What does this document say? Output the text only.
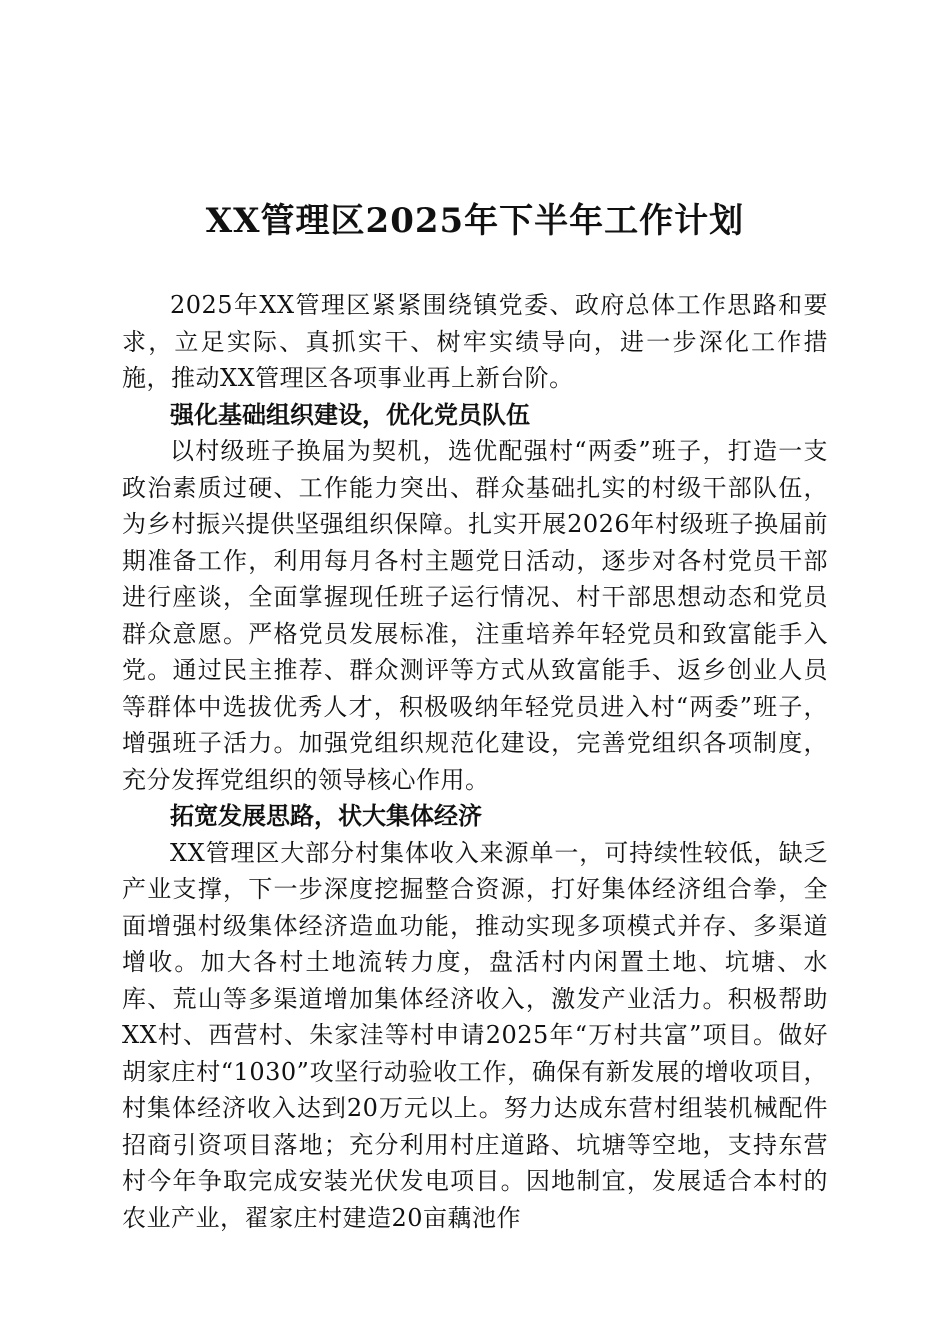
XX管理区2025年下半年工作计划

2025年XX管理区紧紧围绕镇党委、政府总体工作思路和要求，立足实际、真抓实干、树牢实绩导向，进一步深化工作措施，推动XX管理区各项事业再上新台阶。

强化基础组织建设，优化党员队伍

以村级班子换届为契机，选优配强村“两委”班子，打造一支政治素质过硬、工作能力突出、群众基础扎实的村级干部队伍，为乡村振兴提供坚强组织保障。扎实开展2026年村级班子换届前期准备工作，利用每月各村主题党日活动，逐步对各村党员干部进行座谈，全面掌握现任班子运行情况、村干部思想动态和党员群众意愿。严格党员发展标准，注重培养年轻党员和致富能手入党。通过民主推荐、群众测评等方式从致富能手、返乡创业人员等群体中选拔优秀人才，积极吸纳年轻党员进入村“两委”班子，增强班子活力。加强党组织规范化建设，完善党组织各项制度，充分发挥党组织的领导核心作用。

拓宽发展思路，状大集体经济

XX管理区大部分村集体收入来源单一，可持续性较低，缺乏产业支撑，下一步深度挖掘整合资源，打好集体经济组合拳，全面增强村级集体经济造血功能，推动实现多项模式并存、多渠道增收。加大各村土地流转力度，盘活村内闲置土地、坑塘、水库、荒山等多渠道增加集体经济收入，激发产业活力。积极帮助XX村、西营村、朱家洼等村申请2025年“万村共富”项目。做好胡家庄村“1030”攻坚行动验收工作，确保有新发展的增收项目，村集体经济收入达到20万元以上。努力达成东营村组装机械配件招商引资项目落地；充分利用村庄道路、坑塘等空地，支持东营村今年争取完成安装光伏发电项目。因地制宜，发展适合本村的农业产业，翟家庄村建造20亩藕池作
